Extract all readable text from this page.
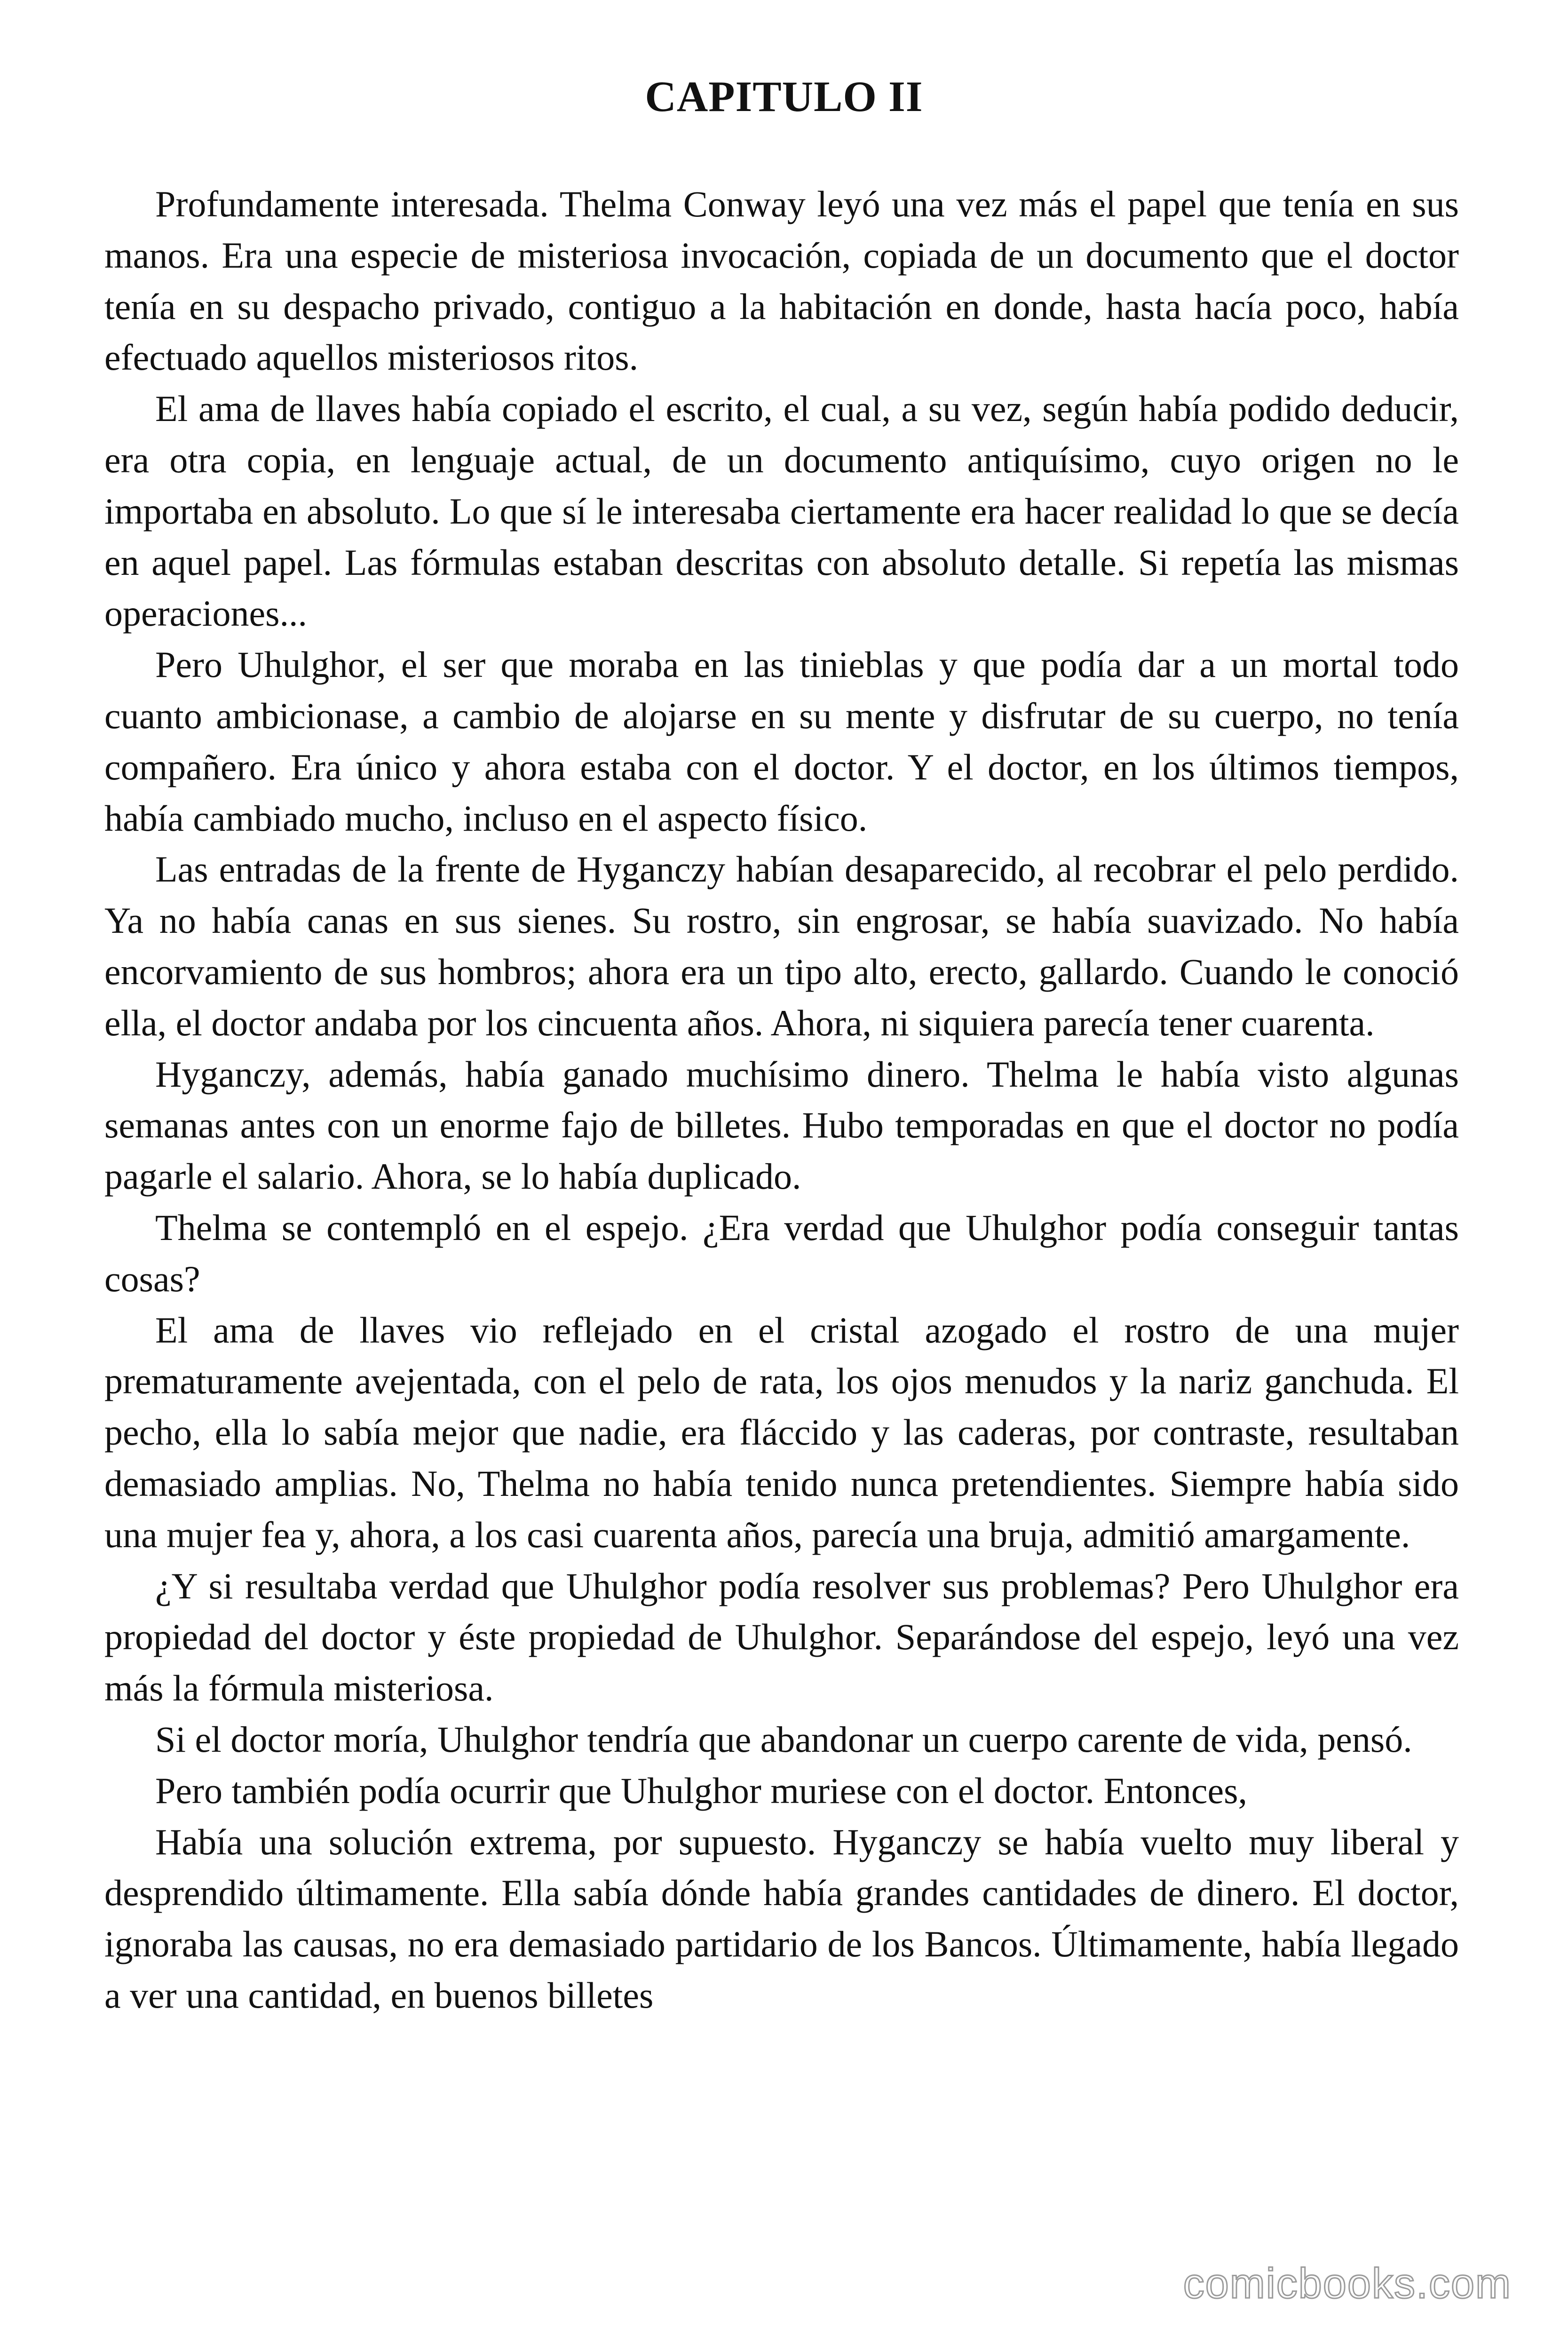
CAPITULO II

Profundamente interesada. Thelma Conway leyó una vez más el papel que tenía en sus manos. Era una especie de misteriosa invocación, copiada de un documento que el doctor tenía en su despacho privado, contiguo a la habitación en donde, hasta hacía poco, había efectuado aquellos misteriosos ritos.

El ama de llaves había copiado el escrito, el cual, a su vez, según había podido deducir, era otra copia, en lenguaje actual, de un documento antiquísimo, cuyo origen no le importaba en absoluto. Lo que sí le interesaba ciertamente era hacer realidad lo que se decía en aquel papel. Las fórmulas estaban descritas con absoluto detalle. Si repetía las mismas operaciones...

Pero Uhulghor, el ser que moraba en las tinieblas y que podía dar a un mortal todo cuanto ambicionase, a cambio de alojarse en su mente y disfrutar de su cuerpo, no tenía compañero. Era único y ahora estaba con el doctor. Y el doctor, en los últimos tiempos, había cambiado mucho, incluso en el aspecto físico.

Las entradas de la frente de Hyganczy habían desaparecido, al recobrar el pelo perdido. Ya no había canas en sus sienes. Su rostro, sin engrosar, se había suavizado. No había encorvamiento de sus hombros; ahora era un tipo alto, erecto, gallardo. Cuando le conoció ella, el doctor andaba por los cincuenta años. Ahora, ni siquiera parecía tener cuarenta.

Hyganczy, además, había ganado muchísimo dinero. Thelma le había visto algunas semanas antes con un enorme fajo de billetes. Hubo temporadas en que el doctor no podía pagarle el salario. Ahora, se lo había duplicado.

Thelma se contempló en el espejo. ¿Era verdad que Uhulghor podía conseguir tantas cosas?

El ama de llaves vio reflejado en el cristal azogado el rostro de una mujer prematuramente avejentada, con el pelo de rata, los ojos menudos y la nariz ganchuda. El pecho, ella lo sabía mejor que nadie, era fláccido y las caderas, por contraste, resultaban demasiado amplias. No, Thelma no había tenido nunca pretendientes. Siempre había sido una mujer fea y, ahora, a los casi cuarenta años, parecía una bruja, admitió amargamente.

¿Y si resultaba verdad que Uhulghor podía resolver sus problemas? Pero Uhulghor era propiedad del doctor y éste propiedad de Uhulghor. Separándose del espejo, leyó una vez más la fórmula misteriosa.

Si el doctor moría, Uhulghor tendría que abandonar un cuerpo carente de vida, pensó.

Pero también podía ocurrir que Uhulghor muriese con el doctor. Entonces,

Había una solución extrema, por supuesto. Hyganczy se había vuelto muy liberal y desprendido últimamente. Ella sabía dónde había grandes cantidades de dinero. El doctor, ignoraba las causas, no era demasiado partidario de los Bancos. Últimamente, había llegado a ver una cantidad, en buenos billetes

comicbooks.com
